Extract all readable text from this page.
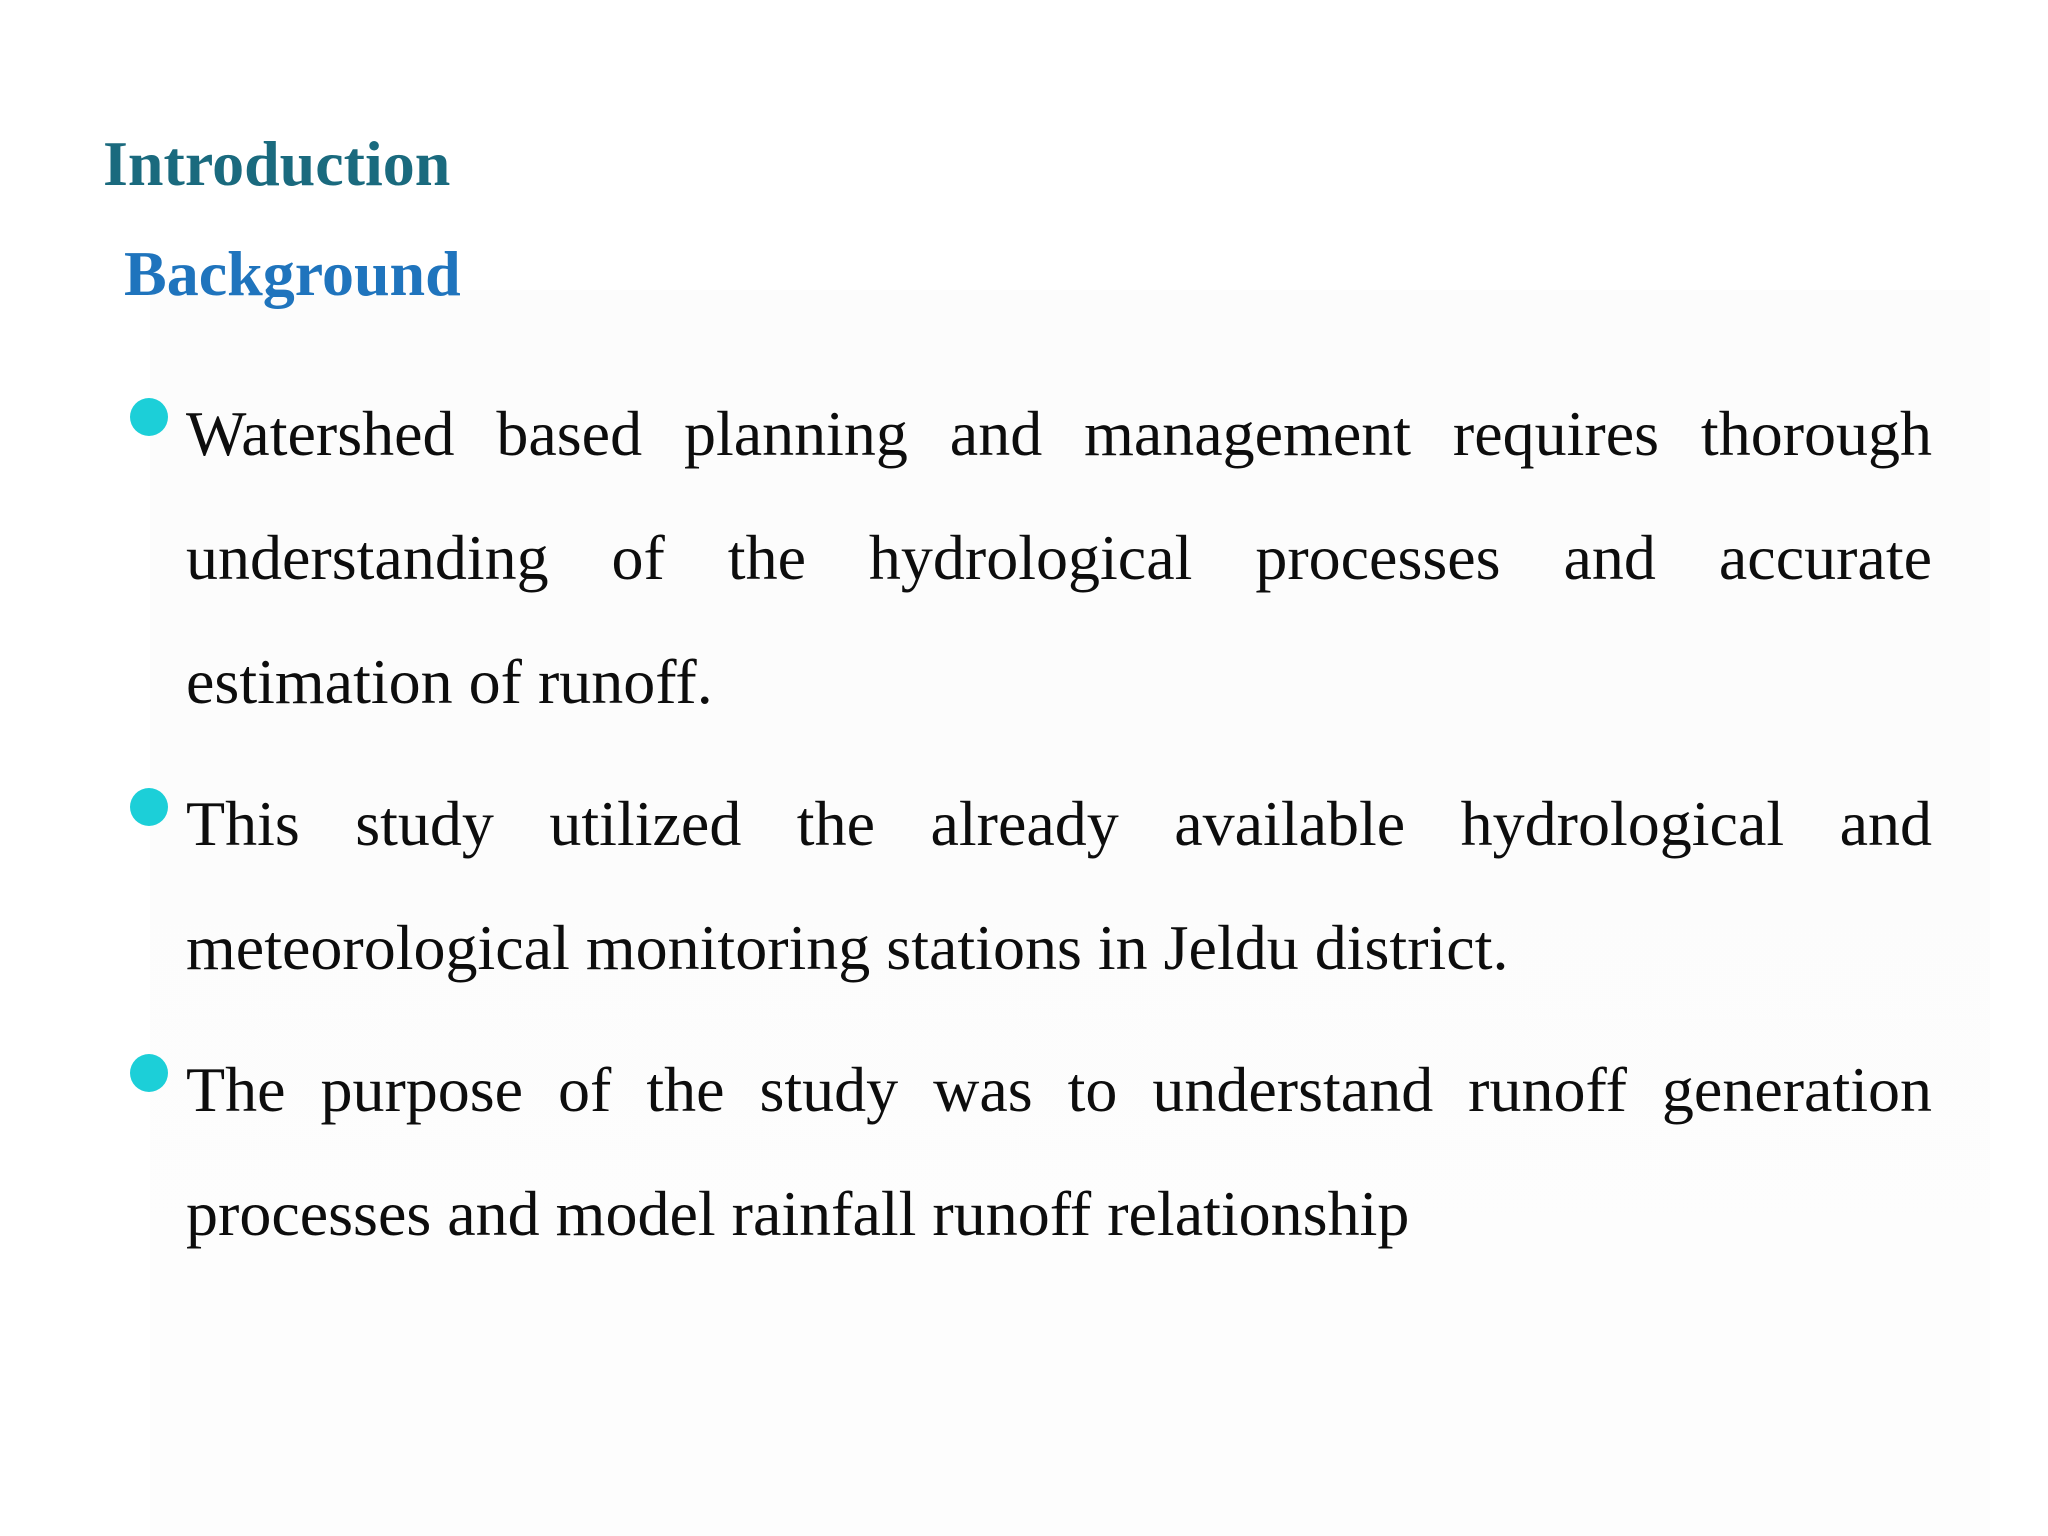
Introduction
Background
Watershed based planning and management requires thorough understanding of the hydrological processes and accurate estimation of runoff.
This study utilized the already available hydrological and meteorological monitoring stations in Jeldu district.
The purpose of the study was to understand runoff generation processes and model rainfall runoff relationship
